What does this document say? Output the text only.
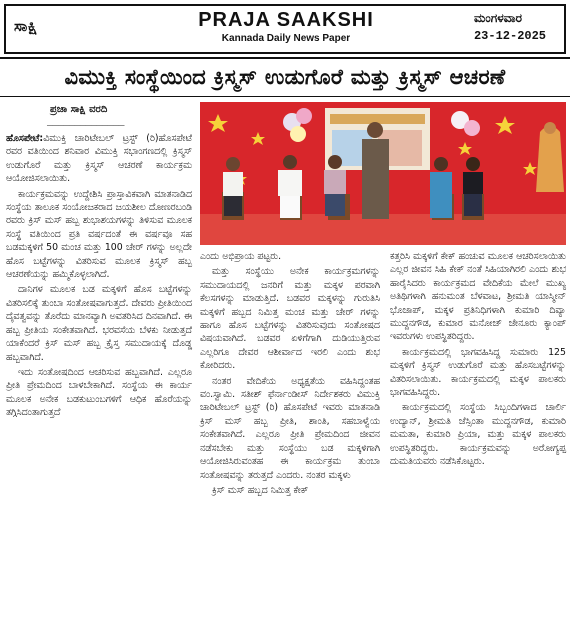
ಸಾಕ್ಷಿ	PRAJA SAAKSHI
Kannada Daily News Paper
ಮಂಗಳವಾರ
23-12-2025
ವಿಮುಕ್ತಿ ಸಂಸ್ಥೆಯಿಂದ ಕ್ರಿಸ್ಮಸ್ ಉಡುಗೊರೆ ಮತ್ತು ಕ್ರಿಸ್ಮಸ್ ಆಚರಣೆ
ಪ್ರಜಾ ಸಾಕ್ಷಿ ವರದಿ
______________

ಹೊಸಪೇಟೆ:ವಿಮುಕ್ತಿ ಚಾರಿಟೇಬಲ್ ಟ್ರಸ್ಟ್ (ರಿ)ಹೊಸಪೇಟೆ ರವರ ವತಿಯಿಂದ ಶನಿವಾರ ವಿಮುಕ್ತಿ ಸಭಾಂಗಣದಲ್ಲಿ ಕ್ರಿಸ್ಮಸ್ ಉಡುಗೊರೆ ಮತ್ತು ಕ್ರಿಸ್ಮಸ್ ಆಚರಣೆ ಕಾರ್ಯಕ್ರಮ ಆಯೋಜಿಸಲಾಯಿತು.

ಕಾರ್ಯಕ್ರಮವನ್ನು ಉದ್ದೇಶಿಸಿ ಪ್ರಾಸ್ತಾವಿಕವಾಗಿ ಮಾತನಾಡಿದ ಸಂಸ್ಥೆಯ ತಾಲೂಕ ಸಂಯೋಜಕರಾದ ಜಯಶೀಲ ದೋಣರಬಂಡಿ ರವರು ಕ್ರಿಸ್ ಮಸ್ ಹಬ್ಬ ಶುಭಾಶಯಗಳನ್ನು ತಿಳಿಸುವ ಮೂಲಕ ಸಂಸ್ಥೆ ವತಿಯಿಂದ ಪ್ರತಿ ವರ್ಷದಂತೆ ಈ ವರ್ಷವೂ ಸಹ ಬಡಮಕ್ಕಳಿಗೆ 50 ಮಂಚ ಮತ್ತು 100 ಚೇರ್ ಗಳನ್ನು ಅಲ್ಲದೇ ಹೊಸ ಬಟ್ಟೆಗಳನ್ನು ವಿತರಿಸುವ ಮೂಲಕ ಕ್ರಿಸ್ಮಸ್ ಹಬ್ಬ ಆಚರಣೆಯನ್ನು ಹಮ್ಮಿಕೊಳ್ಳಲಾಗಿದೆ.

ದಾನಿಗಳ ಮೂಲಕ ಬಡ ಮಕ್ಕಳಿಗೆ ಹೊಸ ಬಟ್ಟೆಗಳನ್ನು ವಿತರಿಸಲಿಕ್ಕೆ ತುಂಬಾ ಸಂತೋಷವಾಗುತ್ತದೆ. ದೇವರು ಪ್ರೀತಿಯಿಂದ ದೈವತ್ವವನ್ನು ತೊರೆದು ಮಾನವ್ಯಾಗಿ ಅವತರಿಸಿದ ದಿನವಾಗಿದೆ. ಈ ಹಬ್ಬ ಪ್ರೀತಿಯ ಸಂಕೇತವಾಗಿದೆ. ಭರವಸೆಯ ಬೆಳಕು ನೀಡುತ್ತದೆ ಯಾಕೆಂದರೆ ಕ್ರಿಸ್ ಮಸ್ ಹಬ್ಬ ಕ್ರೈಸ್ತ ಸಮುದಾಯಕ್ಕೆ ದೊಡ್ಡ ಹಬ್ಬವಾಗಿದೆ.

ಇದು ಸಂತೋಷದಿಂದ ಆಚರಿಸುವ ಹಬ್ಬವಾಗಿದೆ. ಎಲ್ಲರೂ ಪ್ರೀತಿ ಪ್ರೇಮದಿಂದ ಬಾಳಬೇಕಾಗಿದೆ. ಸಂಸ್ಥೆಯ ಈ ಕಾರ್ಯ ಮೂಲಕ ಅನೇಕ ಬಡಕುಟುಂಬಗಳಿಗೆ ಆಧಿಕ ಹೊರೆಯನ್ನು ತಗ್ಗಿಸಿದಂತಾಗುತ್ತದೆ

ಎಂದು ಅಭಿಪ್ರಾಯ ಪಟ್ಟರು.

ಮತ್ತು ಸಂಸ್ಥೆಯು ಅನೇಕ ಕಾರ್ಯಕ್ರಮಗಳನ್ನು ಸಮುದಾಯದಲ್ಲಿ ಜನರಿಗೆ ಮತ್ತು ಮಕ್ಕಳ ಪರವಾಗಿ ಕೆಲಸಗಳನ್ನು ಮಾಡುತ್ತಿದೆ. ಬಡವರ ಮಕ್ಕಳನ್ನು ಗುರುತಿಸಿ ಮಕ್ಕಳಿಗೆ ಹಬ್ಬದ ನಿಮಿತ್ತ ಮಂಚ ಮತ್ತು ಚೇರ್ ಗಳನ್ನು ಹಾಗೂ ಹೊಸ ಬಟ್ಟೆಗಳನ್ನು ವಿತರಿಸುವುದು ಸಂತೋಷದ ವಿಷಯವಾಗಿದೆ. ಬಡವರ ಏಳಿಗೆಗಾಗಿ ದುಡಿಯುತ್ತಿರುವ ಎಲ್ಲರಿಗೂ ದೇವರ ಆಶೀರ್ವಾದ ಇರಲಿ ಎಂದು ಶುಭ ಕೋರಿದರು.

ನಂತರ ವೇದಿಕೆಯ ಅಧ್ಯಕ್ಷತೆಯ ವಹಿಸಿದ್ದಂತಹ ವಂ.ಸ್ವಾಮಿ. ಸತೀಶ್ ಫೆರ್ನಾಂಡೀಸ್ ನಿರ್ದೇಶಕರು ವಿಮುಕ್ತಿ ಚಾರಿಟೇಬಲ್ ಟ್ರಸ್ಟ್ (ರಿ) ಹೊಸಪೇಟೆ ಇವರು ಮಾತನಾಡಿ ಕ್ರಿಸ್ ಮಸ್ ಹಬ್ಬ ಪ್ರೀತಿ, ಶಾಂತಿ, ಸಹಬಾಳ್ವೆಯ ಸಂಕೇತವಾಗಿದೆ. ಎಲ್ಲರೂ ಪ್ರೀತಿ ಪ್ರೇಮದಿಂದ ಜೀವನ ನಡೆಸಬೇಕು ಮತ್ತು ಸಂಸ್ಥೆಯು ಬಡ ಮಕ್ಕಳಿಗಾಗಿ ಆಯೋಜಿಸಿರುವಂತಹ ಈ ಕಾರ್ಯಕ್ರಮ ತುಂಬಾ ಸಂತೋಷವನ್ನು ತರುತ್ತದೆ ಎಂದರು. ನಂತರ ಮಕ್ಕಳು

ಕ್ರಿಸ್ ಮಸ್ ಹಬ್ಬದ ನಿಮಿತ್ತ ಕೇಕ್

ಕತ್ತರಿಸಿ ಮಕ್ಕಳಿಗೆ ಕೇಕ್ ಹಂಚುವ ಮೂಲಕ ಆಚರಿಸಲಾಯಿತು ಎಲ್ಲರ ಜೀವನ ಸಿಹಿ ಕೇಕ್ ನಂತೆ ಸಿಹಿಯಾಗಿರಲಿ ಎಂದು ಶುಭ ಹಾರೈಸಿದರು ಕಾರ್ಯಕ್ರಮದ ವೇದಿಕೆಯ ಮೇಲೆ ಮುಖ್ಯ ಅತಿಥಿಗಳಾಗಿ ಹನುಮಂತ ಬೆಳವಾಟ, ಶ್ರೀಮತಿ ಯಾಸ್ಮೀನ್ ಭೊಜಾಪ್, ಮಕ್ಕಳ ಪ್ರತಿನಿಧಿಗಳಾಗಿ ಕುಮಾರಿ ದಿವ್ಯಾ ಮುದ್ದನಗೌಡ, ಕುಮಾರ ಮನೋಜ್ ಜೇನೂರು ಕ್ಯಾಂಪ್ ಇವರುಗಳು ಉಪಸ್ಥಿತರಿದ್ದರು.

ಕಾರ್ಯಕ್ರಮದಲ್ಲಿ ಭಾಗವಹಿಸಿದ್ದ ಸುಮಾರು 125 ಮಕ್ಕಳಿಗೆ ಕ್ರಿಸ್ಮಸ್ ಉಡುಗೊರೆ ಮತ್ತು ಹೊಸಬಟ್ಟೆಗಳನ್ನು ವಿತರಿಸಲಾಯಿತು. ಕಾರ್ಯಕ್ರಮದಲ್ಲಿ ಮಕ್ಕಳ ಪಾಲಕರು ಭಾಗವಹಿಸಿದ್ದರು.

ಕಾರ್ಯಕ್ರಮದಲ್ಲಿ ಸಂಸ್ಥೆಯ ಸಿಬ್ಬಂದಿಗಳಾದ ಚಾರ್ಲಿ ಉದ್ಯಾನ್, ಶ್ರೀಮತಿ ಜೆಸ್ಸಿಂತಾ ಮುದ್ದನಗೌಡ, ಕುಮಾರಿ ಮಮತಾ, ಕುಮಾರಿ ಪ್ರಿಯಾ, ಮತ್ತು ಮಕ್ಕಳ ಪಾಲಕರು ಉಪಸ್ಥಿತರಿದ್ದರು. ಕಾರ್ಯಕ್ರಮವನ್ನು ಅರೋಗ್ಯಪ್ಪ ದುಮತಿಯವರು ನಡೆಸಿಕೊಟ್ಟರು.
